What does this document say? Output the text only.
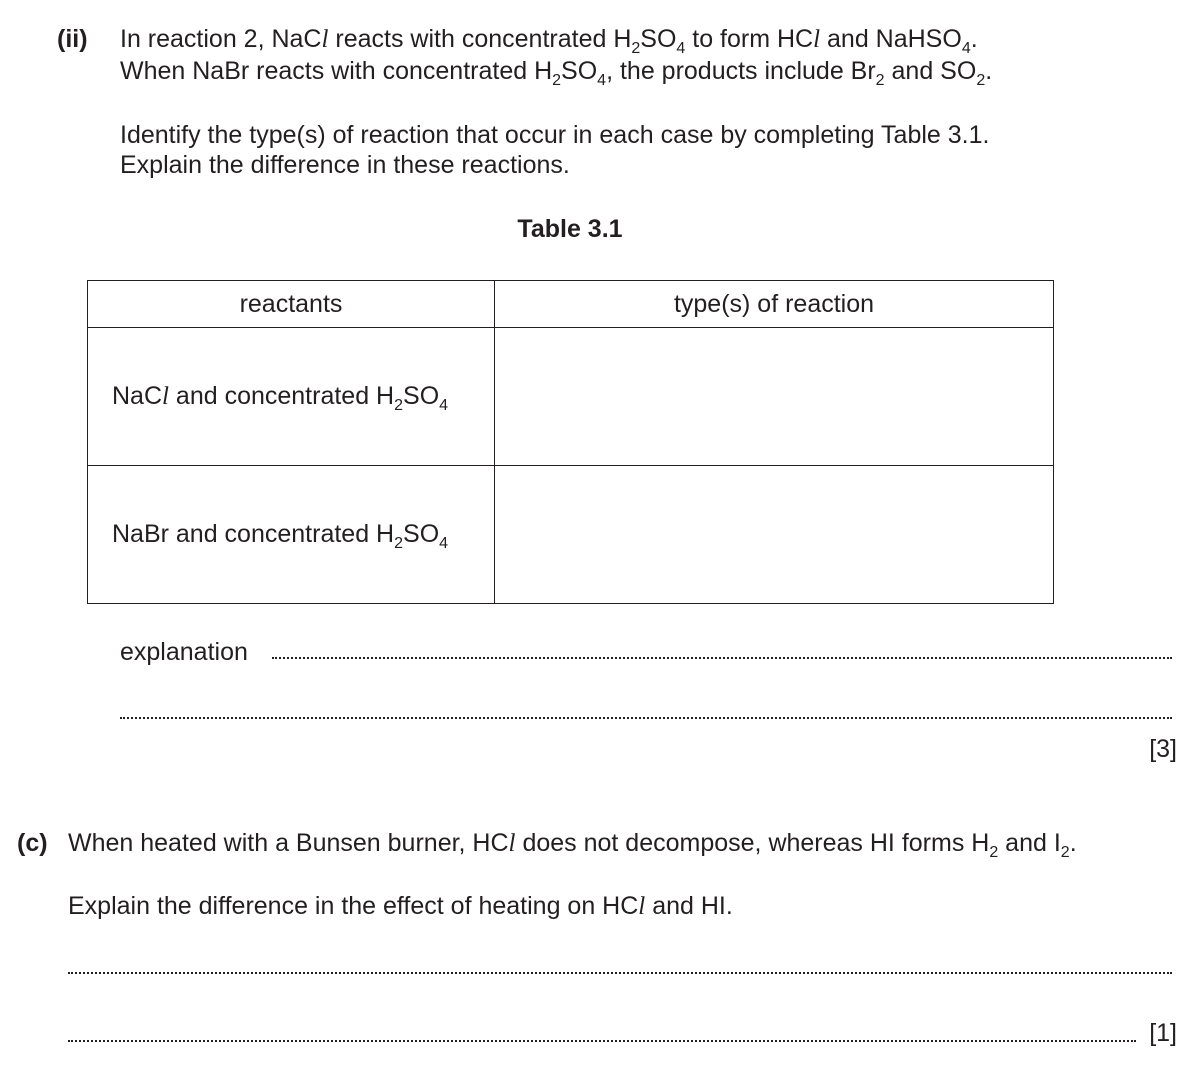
(ii) In reaction 2, NaCl reacts with concentrated $H_2SO_4$ to form HCl and NaHSO$_4$.
When NaBr reacts with concentrated $H_2SO_4$, the products include $Br_2$ and $SO_2$.
Identify the type(s) of reaction that occur in each case by completing Table 3.1.
Explain the difference in these reactions.
Table 3.1
reactants	type(s) of reaction

NaCl and concentrated $H_2SO_4$

NaBr and concentrated $H_2SO_4$

explanation
[3]
(c) When heated with a Bunsen burner, HCl does not decompose, whereas HI forms $H_2$ and $I_2$.
Explain the difference in the effect of heating on HCl and HI.
[1]
